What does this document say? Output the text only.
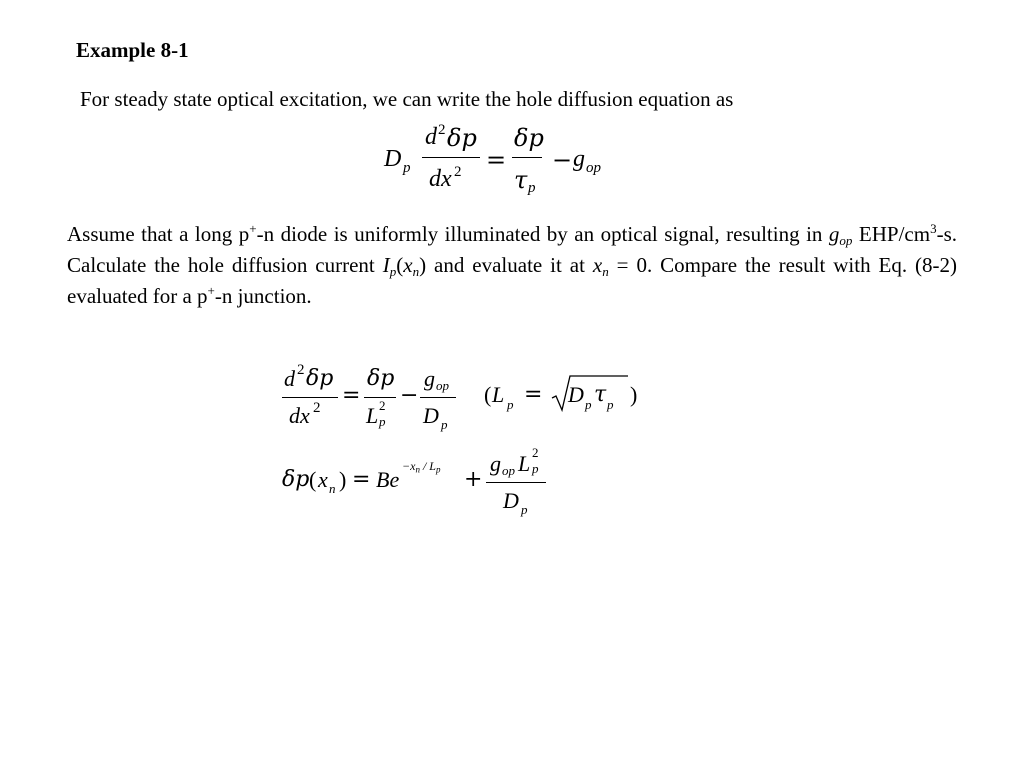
Example 8-1
For steady state optical excitation, we can write the hole diffusion equation as
D p
d 2 δp
dx 2 =
δp
τ p
− g op
Assume that a long p+-n diode is uniformly illuminated by an optical signal, resulting in $g_{op}$ EHP/$cm^3-s$. Calculate the hole diffusion current $I_p(x_n)$ and evaluate it at $x_n = 0$. Compare the result with Eq. (8-2) evaluated for a p+-n junction.
d 2 δp
dx 2 =
δp
L 2
p
−
g op
D p
( L p = D p τ p )
δp ( x n ) = Be
$-x_n / L_p$ +
g op L 2
p
D p
